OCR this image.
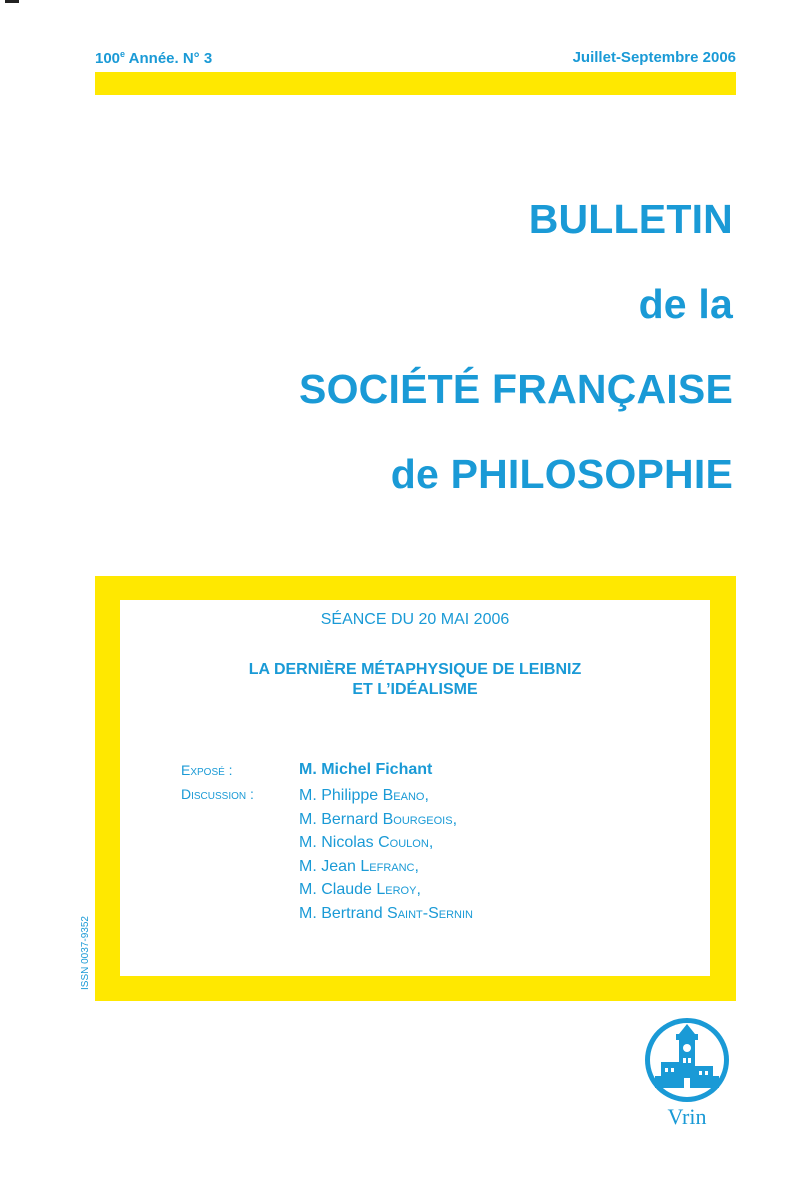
100e Année. N° 3	Juillet-Septembre 2006
BULLETIN
de la
SOCIÉTÉ FRANÇAISE
de PHILOSOPHIE
SÉANCE DU 20 MAI 2006
LA DERNIÈRE MÉTAPHYSIQUE DE LEIBNIZ
ET L’IDÉALISME
Exposé :
Discussion :
M. Michel Fichant
M. Philippe Beano,
M. Bernard Bourgeois,
M. Nicolas Coulon,
M. Jean Lefranc,
M. Claude Leroy,
M. Bertrand Saint-Sernin
ISSN 0037-9352
Vrin
